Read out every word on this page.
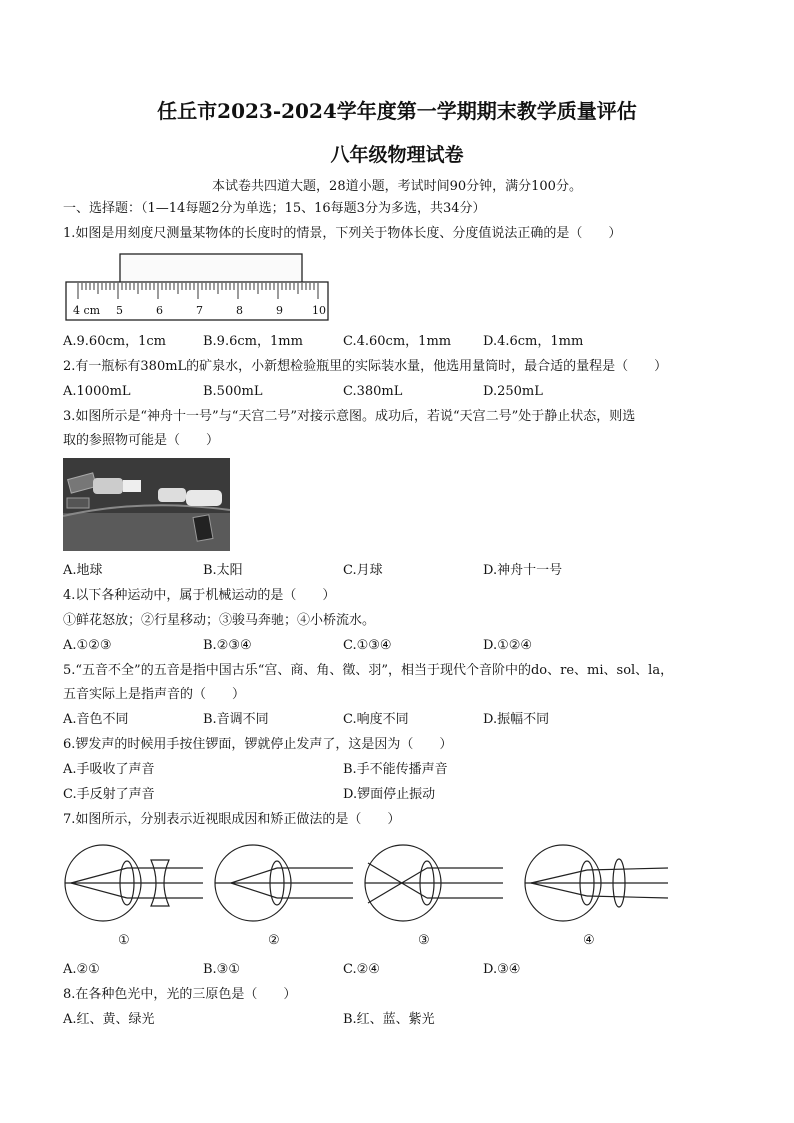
任丘市2023-2024学年度第一学期期末教学质量评估
八年级物理试卷
本试卷共四道大题，28道小题，考试时间90分钟，满分100分。
一、选择题：（1—14每题2分为单选；15、16每题3分为多选，共34分）
1.如图是用刻度尺测量某物体的长度时的情景，下列关于物体长度、分度值说法正确的是（　　）
4 cm 5	6	7	8	9	10
A.9.60cm，1cm	B.9.6cm，1mm	C.4.60cm，1mm D.4.6cm，1mm
2.有一瓶标有380mL的矿泉水，小新想检验瓶里的实际装水量，他选用量筒时，最合适的量程是（　　）
A.1000mL	B.500mL	C.380mL	D.250mL
3.如图所示是“神舟十一号”与“天宫二号”对接示意图。成功后，若说“天宫二号”处于静止状态，则选
取的参照物可能是（　　）
A.地球	B.太阳	C.月球	D.神舟十一号
4.以下各种运动中，属于机械运动的是（　　）
①鲜花怒放；②行星移动；③骏马奔驰；④小桥流水。
A.①②③	B.②③④	C.①③④	D.①②④
5.“五音不全”的五音是指中国古乐“宫、商、角、徵、羽”，相当于现代个音阶中的do、re、mi、sol、la，
五音实际上是指声音的（　　）
A.音色不同	B.音调不同	C.响度不同	D.振幅不同
6.锣发声的时候用手按住锣面，锣就停止发声了，这是因为（　　）
A.手吸收了声音	B.手不能传播声音
C.手反射了声音	D.锣面停止振动
7.如图所示，分别表示近视眼成因和矫正做法的是（　　）
①	②	③	④
A.②①	B.③①	C.②④	D.③④
8.在各种色光中，光的三原色是（　　）
A.红、黄、绿光	B.红、蓝、紫光
